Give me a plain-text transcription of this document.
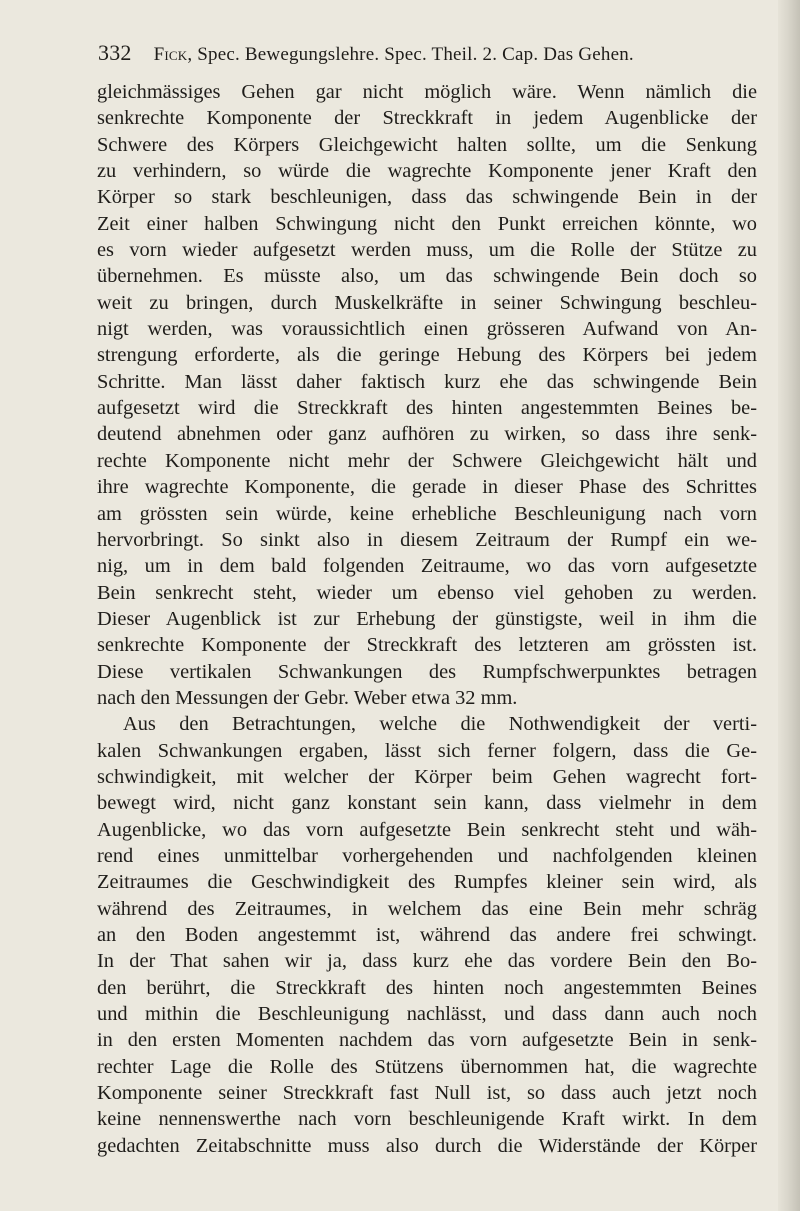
332 Fick, Spec. Bewegungslehre. Spec. Theil. 2. Cap. Das Gehen.
gleichmässiges Gehen gar nicht möglich wäre. Wenn nämlich die
senkrechte Komponente der Streckkraft in jedem Augenblicke der
Schwere des Körpers Gleichgewicht halten sollte, um die Senkung
zu verhindern, so würde die wagrechte Komponente jener Kraft den
Körper so stark beschleunigen, dass das schwingende Bein in der
Zeit einer halben Schwingung nicht den Punkt erreichen könnte, wo
es vorn wieder aufgesetzt werden muss, um die Rolle der Stütze zu
übernehmen. Es müsste also, um das schwingende Bein doch so
weit zu bringen, durch Muskelkräfte in seiner Schwingung beschleu-
nigt werden, was voraussichtlich einen grösseren Aufwand von An-
strengung erforderte, als die geringe Hebung des Körpers bei jedem
Schritte. Man lässt daher faktisch kurz ehe das schwingende Bein
aufgesetzt wird die Streckkraft des hinten angestemmten Beines be-
deutend abnehmen oder ganz aufhören zu wirken, so dass ihre senk-
rechte Komponente nicht mehr der Schwere Gleichgewicht hält und
ihre wagrechte Komponente, die gerade in dieser Phase des Schrittes
am grössten sein würde, keine erhebliche Beschleunigung nach vorn
hervorbringt. So sinkt also in diesem Zeitraum der Rumpf ein we-
nig, um in dem bald folgenden Zeitraume, wo das vorn aufgesetzte
Bein senkrecht steht, wieder um ebenso viel gehoben zu werden.
Dieser Augenblick ist zur Erhebung der günstigste, weil in ihm die
senkrechte Komponente der Streckkraft des letzteren am grössten ist.
Diese vertikalen Schwankungen des Rumpfschwerpunktes betragen
nach den Messungen der Gebr. Weber etwa 32 mm.
Aus den Betrachtungen, welche die Nothwendigkeit der verti-
kalen Schwankungen ergaben, lässt sich ferner folgern, dass die Ge-
schwindigkeit, mit welcher der Körper beim Gehen wagrecht fort-
bewegt wird, nicht ganz konstant sein kann, dass vielmehr in dem
Augenblicke, wo das vorn aufgesetzte Bein senkrecht steht und wäh-
rend eines unmittelbar vorhergehenden und nachfolgenden kleinen
Zeitraumes die Geschwindigkeit des Rumpfes kleiner sein wird, als
während des Zeitraumes, in welchem das eine Bein mehr schräg
an den Boden angestemmt ist, während das andere frei schwingt.
In der That sahen wir ja, dass kurz ehe das vordere Bein den Bo-
den berührt, die Streckkraft des hinten noch angestemmten Beines
und mithin die Beschleunigung nachlässt, und dass dann auch noch
in den ersten Momenten nachdem das vorn aufgesetzte Bein in senk-
rechter Lage die Rolle des Stützens übernommen hat, die wagrechte
Komponente seiner Streckkraft fast Null ist, so dass auch jetzt noch
keine nennenswerthe nach vorn beschleunigende Kraft wirkt. In dem
gedachten Zeitabschnitte muss also durch die Widerstände der Körper
